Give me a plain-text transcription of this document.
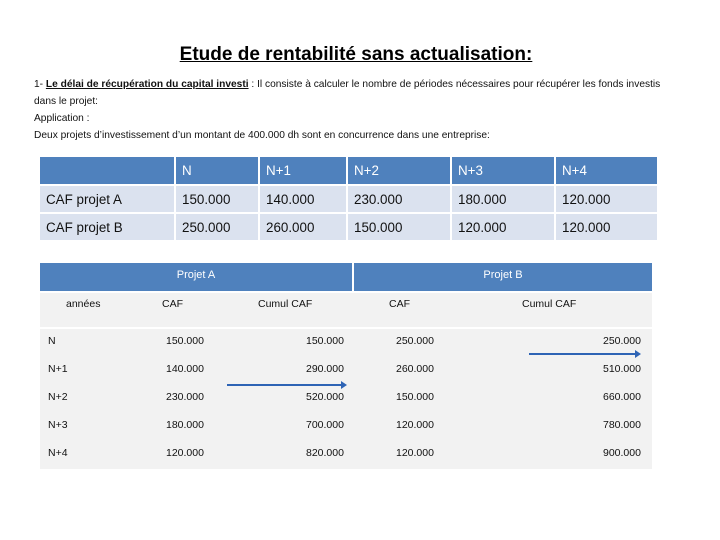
Etude de rentabilité sans actualisation:
1- Le délai de récupération du capital investi : Il consiste à calculer le nombre de périodes nécessaires pour récupérer les fonds investis dans le projet:
Application :
Deux projets d’investissement d’un montant de 400.000 dh sont en concurrence dans une entreprise:
	N	N+1	N+2	N+3	N+4
CAF projet A	150.000	140.000	230.000	180.000	120.000
CAF projet B	250.000	260.000	150.000	120.000	120.000
Projet A	Projet B
années	CAF	Cumul CAF	CAF	Cumul CAF
N	150.000	150.000	250.000	250.000
N+1	140.000	290.000	260.000	510.000
N+2	230.000	520.000	150.000	660.000
N+3	180.000	700.000	120.000	780.000
N+4	120.000	820.000	120.000	900.000
